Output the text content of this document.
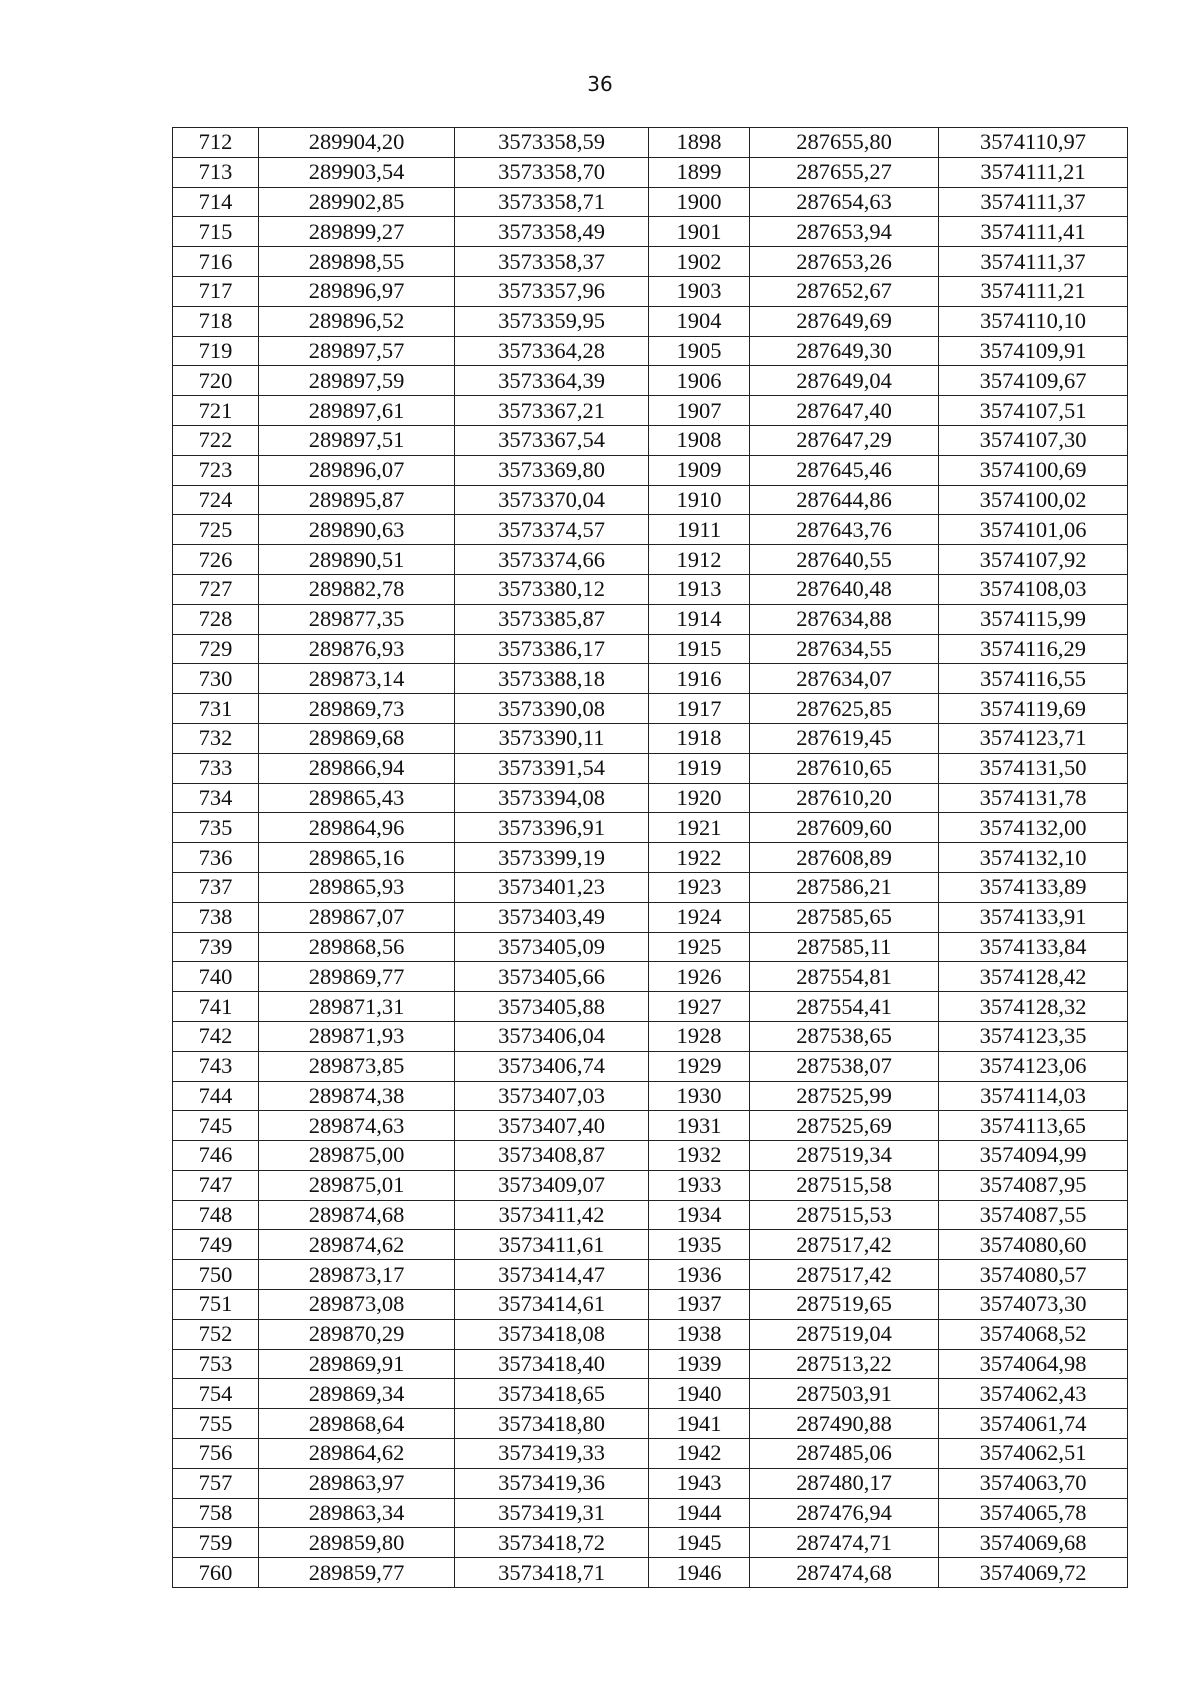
36
712	289904,20	3573358,59	1898	287655,80	3574110,97
713	289903,54	3573358,70	1899	287655,27	3574111,21
714	289902,85	3573358,71	1900	287654,63	3574111,37
715	289899,27	3573358,49	1901	287653,94	3574111,41
716	289898,55	3573358,37	1902	287653,26	3574111,37
717	289896,97	3573357,96	1903	287652,67	3574111,21
718	289896,52	3573359,95	1904	287649,69	3574110,10
719	289897,57	3573364,28	1905	287649,30	3574109,91
720	289897,59	3573364,39	1906	287649,04	3574109,67
721	289897,61	3573367,21	1907	287647,40	3574107,51
722	289897,51	3573367,54	1908	287647,29	3574107,30
723	289896,07	3573369,80	1909	287645,46	3574100,69
724	289895,87	3573370,04	1910	287644,86	3574100,02
725	289890,63	3573374,57	1911	287643,76	3574101,06
726	289890,51	3573374,66	1912	287640,55	3574107,92
727	289882,78	3573380,12	1913	287640,48	3574108,03
728	289877,35	3573385,87	1914	287634,88	3574115,99
729	289876,93	3573386,17	1915	287634,55	3574116,29
730	289873,14	3573388,18	1916	287634,07	3574116,55
731	289869,73	3573390,08	1917	287625,85	3574119,69
732	289869,68	3573390,11	1918	287619,45	3574123,71
733	289866,94	3573391,54	1919	287610,65	3574131,50
734	289865,43	3573394,08	1920	287610,20	3574131,78
735	289864,96	3573396,91	1921	287609,60	3574132,00
736	289865,16	3573399,19	1922	287608,89	3574132,10
737	289865,93	3573401,23	1923	287586,21	3574133,89
738	289867,07	3573403,49	1924	287585,65	3574133,91
739	289868,56	3573405,09	1925	287585,11	3574133,84
740	289869,77	3573405,66	1926	287554,81	3574128,42
741	289871,31	3573405,88	1927	287554,41	3574128,32
742	289871,93	3573406,04	1928	287538,65	3574123,35
743	289873,85	3573406,74	1929	287538,07	3574123,06
744	289874,38	3573407,03	1930	287525,99	3574114,03
745	289874,63	3573407,40	1931	287525,69	3574113,65
746	289875,00	3573408,87	1932	287519,34	3574094,99
747	289875,01	3573409,07	1933	287515,58	3574087,95
748	289874,68	3573411,42	1934	287515,53	3574087,55
749	289874,62	3573411,61	1935	287517,42	3574080,60
750	289873,17	3573414,47	1936	287517,42	3574080,57
751	289873,08	3573414,61	1937	287519,65	3574073,30
752	289870,29	3573418,08	1938	287519,04	3574068,52
753	289869,91	3573418,40	1939	287513,22	3574064,98
754	289869,34	3573418,65	1940	287503,91	3574062,43
755	289868,64	3573418,80	1941	287490,88	3574061,74
756	289864,62	3573419,33	1942	287485,06	3574062,51
757	289863,97	3573419,36	1943	287480,17	3574063,70
758	289863,34	3573419,31	1944	287476,94	3574065,78
759	289859,80	3573418,72	1945	287474,71	3574069,68
760	289859,77	3573418,71	1946	287474,68	3574069,72
